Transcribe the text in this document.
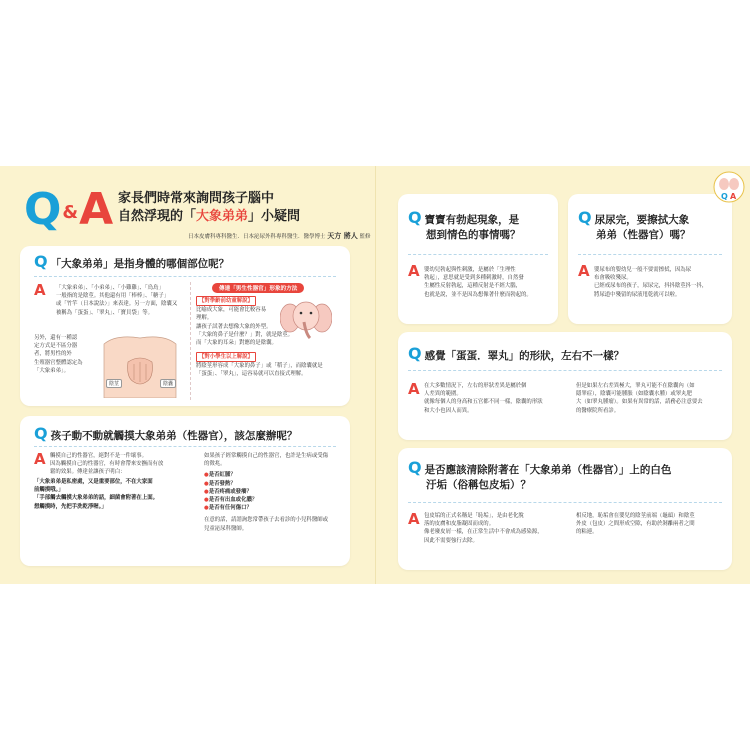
Q&A 家長們時常來詢問孩子腦中
自然浮現的「大象弟弟」小疑問
日本皮膚科專科醫生．日本泌尿外科專科醫生．醫學博士 天方 將人 監修
Q 「大象弟弟」是指身體的哪個部位呢？
A 「大象弟弟」、「小弟弟」、「小雞雞」、「鳥鳥」
一般指的是陰莖。其他還有用「棒棒」、「糖子」
或「竹竿（日本說法）」來表達。另一方面，陰囊又
被稱為「蛋蛋」、「睪丸」、「寶貝袋」等。
另外，還有一種認
定方式是不區分器
者，將男性的外
生殖器官整體認定為
「大象弟弟」。
陰莖	陰囊
傳達「男生性器官」形象的方法
【對學齡前幼童解說】
比喻成大象，可能會比較容易
理解。
讓孩子試著去想像大象的外型。
「大象的鼻子是什麼？」對，就是陰莖。
而「大象的耳朵」對應的是陰囊。
【對小學生以上解說】
將陰莖形容成「大象的鼻子」或「稻子」，而陰囊就是
「蛋蛋」、「睪丸」，這容易就可以直接式理解。
Q孩子動不動就觸摸大象弟弟（性器官），該怎麼辦呢？
A 觸摸自己的性器官，絕對不是一件壞事。
因為觸摸自己的性器官，有時會帶來安撫而有放
鬆的效果。傳達並讓孩子明白：
「大象弟弟是私密處，又是重要部位，不在大家面
前觸摸哦。」
「手部觸去觸摸大象弟弟的話，細菌會附著在上面。
想觸摸時，先把手洗乾淨喔。」
如果孩子經常觸摸自己的性器官，也許是生病或受傷
的徵兆。
●是否紅腫？
●是否發熱？
●是否疼痛或發癢？
●是否有出血或化膿？
●是否有任何傷口？
在意的話，請諮詢您常帶孩子去看診的小兒科醫師或
兒童泌尿科醫師。
Q寶寶有勃起現象，是
想到情色的事情嗎？
A 嬰幼兒勃起與性刺激，是屬於「生理性
勃起」，意思就是受到多種刺激時，自然發
生屬性反射勃起，這種反射是不經大腦，
也就是說，並不是因為想像著什麼而勃起的。
Q尿尿完，要擦拭大象
弟弟（性器官）嗎？
A 嬰尿布的嬰幼兒一般不要需擦拭，因為尿
布會吸收殘尿。
已經戒尿布的孩子，尿尿完，抖抖陰莖抖一抖，
將尿道中殘留的尿液甩乾就可以啦。
Q A
Q感覺「蛋蛋．睪丸」的形狀，左右不一樣？
A 在大多數情況下，左右的形狀差異是屬於個
人差異的範圍。
就像每個人的身高和五官都不同一樣，陰囊的形狀
和大小也因人而異。
但是如果左右差異極大，睪丸可能不在陰囊內（如
隱睪症），陰囊可能腫脹（如陰囊水腫）或睪丸肥
大（如睪丸腫瘤）。如果有異常的話，請務必注意要去
的醫療院所看診。
Q是否應該清除附著在「大象弟弟（性器官）」上的白色
汙垢（俗稱包皮垢）？
A 包皮垢的正式名稱是「恥垢」，是由老化脫
落的皮膚和皮脂凝固而成的。
像老廢皮屑一樣，在正常生活中不會成為感染源，
因此不需要強行去除。
相反地，恥垢會在嬰兒的陰莖前端（龜頭）和陰莖
外皮（包皮）之間形成空隙，有助於剝離兩者之間
的粘連。
